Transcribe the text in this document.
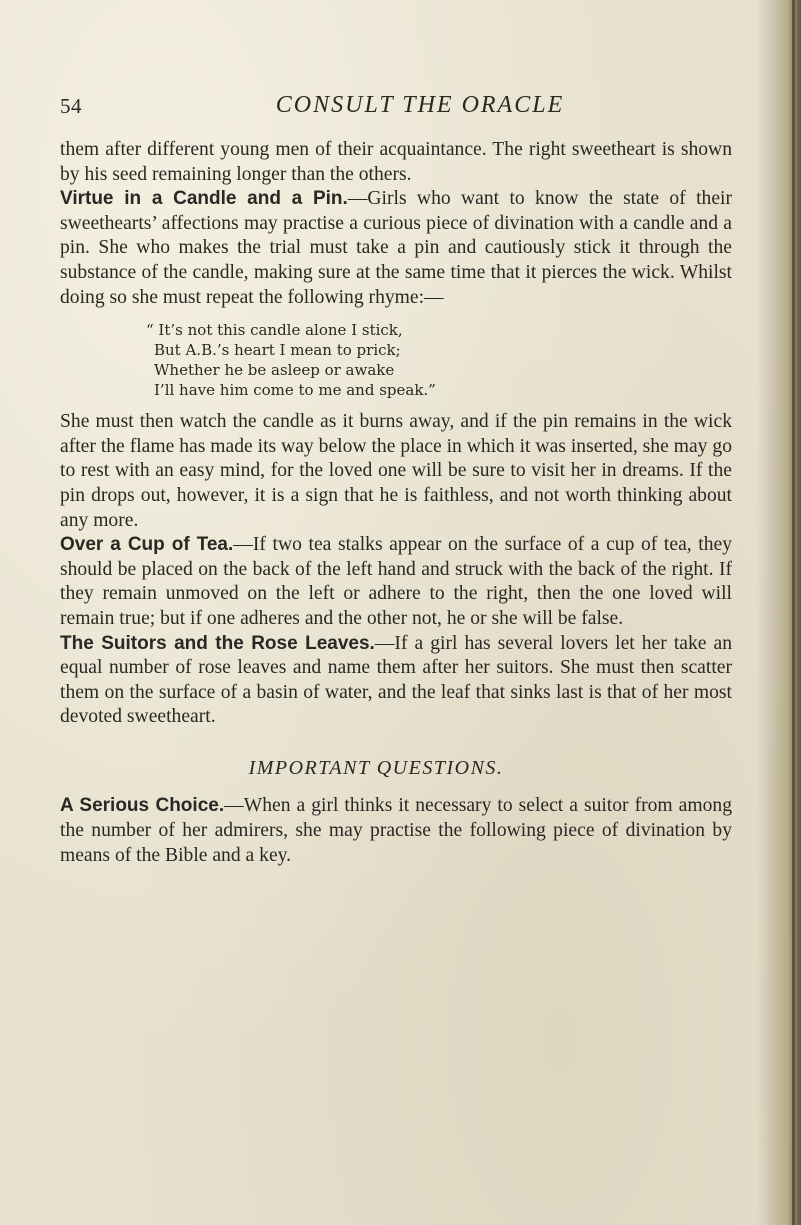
54	CONSULT THE ORACLE

them after different young men of their acquaintance. The right sweetheart is shown by his seed remaining longer than the others.

Virtue in a Candle and a Pin.—Girls who want to know the state of their sweethearts’ affections may practise a curious piece of divination with a candle and a pin. She who makes the trial must take a pin and cautiously stick it through the substance of the candle, making sure at the same time that it pierces the wick. Whilst doing so she must repeat the following rhyme:—

“ It’s not this candle alone I stick,
But A.B.’s heart I mean to prick;
Whether he be asleep or awake
I’ll have him come to me and speak.”

She must then watch the candle as it burns away, and if the pin remains in the wick after the flame has made its way below the place in which it was inserted, she may go to rest with an easy mind, for the loved one will be sure to visit her in dreams. If the pin drops out, however, it is a sign that he is faithless, and not worth thinking about any more.

Over a Cup of Tea.—If two tea stalks appear on the surface of a cup of tea, they should be placed on the back of the left hand and struck with the back of the right. If they remain unmoved on the left or adhere to the right, then the one loved will remain true; but if one adheres and the other not, he or she will be false.

The Suitors and the Rose Leaves.—If a girl has several lovers let her take an equal number of rose leaves and name them after her suitors. She must then scatter them on the surface of a basin of water, and the leaf that sinks last is that of her most devoted sweetheart.

IMPORTANT QUESTIONS.

A Serious Choice.—When a girl thinks it necessary to select a suitor from among the number of her admirers, she may practise the following piece of divination by means of the Bible and a key.
